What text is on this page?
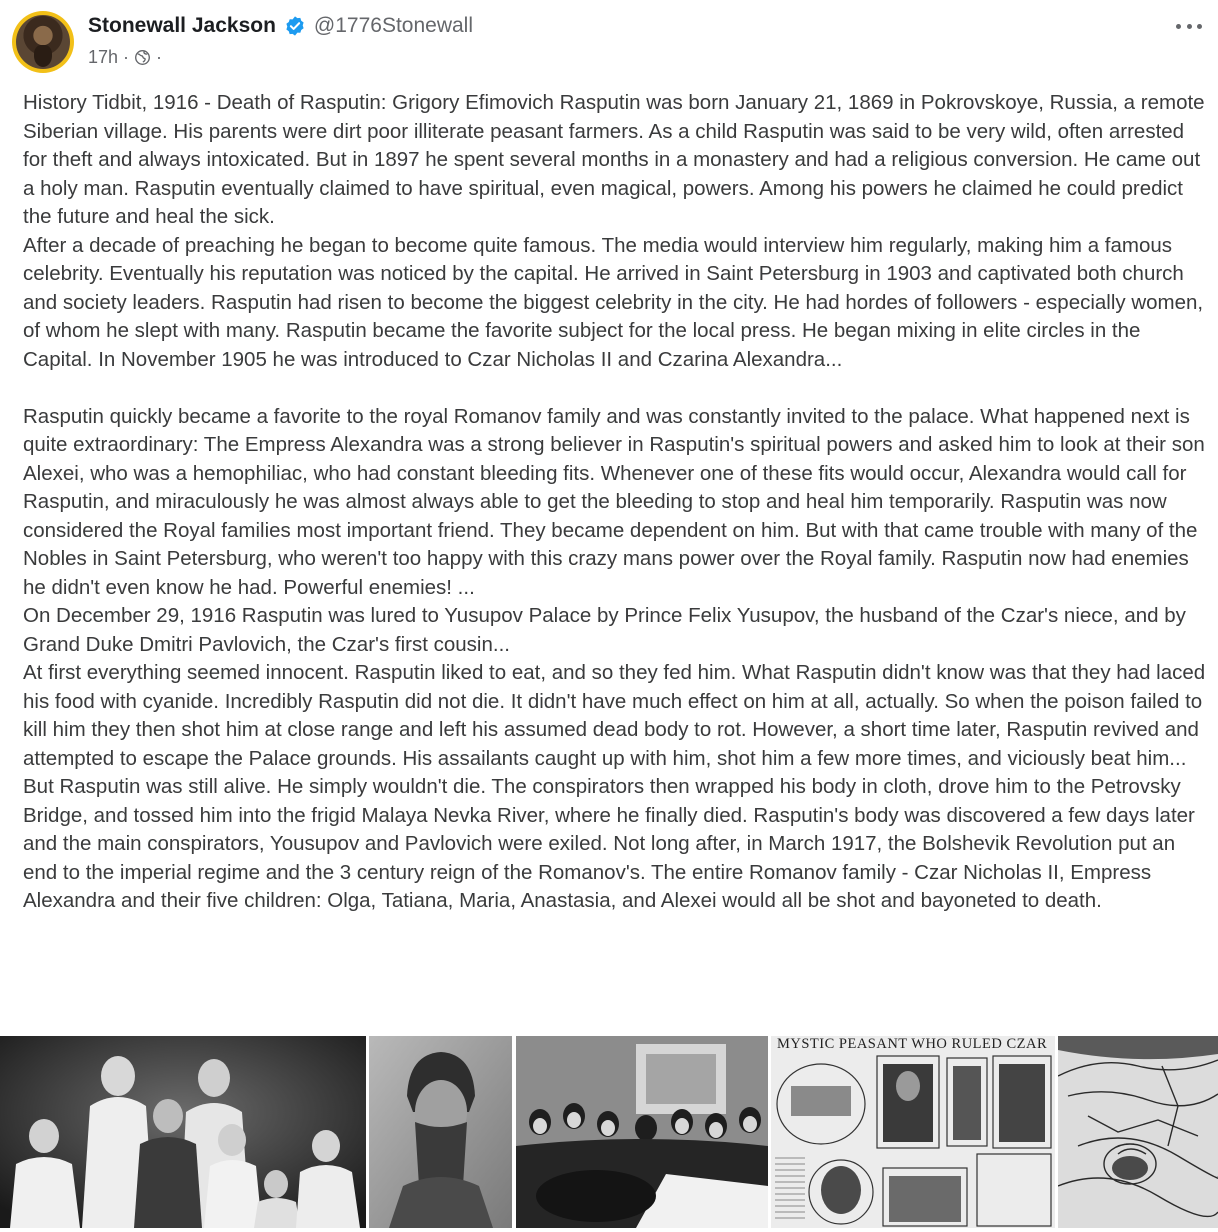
Stonewall Jackson @1776Stonewall
17h · ·

History Tidbit, 1916 - Death of Rasputin: Grigory Efimovich Rasputin was born January 21, 1869 in Pokrovskoye, Russia, a remote Siberian village. His parents were dirt poor illiterate peasant farmers. As a child Rasputin was said to be very wild, often arrested for theft and always intoxicated. But in 1897 he spent several months in a monastery and had a religious conversion. He came out a holy man. Rasputin eventually claimed to have spiritual, even magical, powers. Among his powers he claimed he could predict the future and heal the sick.

After a decade of preaching he began to become quite famous. The media would interview him regularly, making him a famous celebrity. Eventually his reputation was noticed by the capital. He arrived in Saint Petersburg in 1903 and captivated both church and society leaders. Rasputin had risen to become the biggest celebrity in the city. He had hordes of followers - especially women, of whom he slept with many. Rasputin became the favorite subject for the local press. He began mixing in elite circles in the Capital. In November 1905 he was introduced to Czar Nicholas II and Czarina Alexandra...

Rasputin quickly became a favorite to the royal Romanov family and was constantly invited to the palace. What happened next is quite extraordinary: The Empress Alexandra was a strong believer in Rasputin's spiritual powers and asked him to look at their son Alexei, who was a hemophiliac, who had constant bleeding fits. Whenever one of these fits would occur, Alexandra would call for Rasputin, and miraculously he was almost always able to get the bleeding to stop and heal him temporarily. Rasputin was now considered the Royal families most important friend. They became dependent on him. But with that came trouble with many of the Nobles in Saint Petersburg, who weren't too happy with this crazy mans power over the Royal family. Rasputin now had enemies he didn't even know he had. Powerful enemies! ...

On December 29, 1916 Rasputin was lured to Yusupov Palace by Prince Felix Yusupov, the husband of the Czar's niece, and by Grand Duke Dmitri Pavlovich, the Czar's first cousin...

At first everything seemed innocent. Rasputin liked to eat, and so they fed him. What Rasputin didn't know was that they had laced his food with cyanide. Incredibly Rasputin did not die. It didn't have much effect on him at all, actually. So when the poison failed to kill him they then shot him at close range and left his assumed dead body to rot. However, a short time later, Rasputin revived and attempted to escape the Palace grounds. His assailants caught up with him, shot him a few more times, and viciously beat him... But Rasputin was still alive. He simply wouldn't die. The conspirators then wrapped his body in cloth, drove him to the Petrovsky Bridge, and tossed him into the frigid Malaya Nevka River, where he finally died. Rasputin's body was discovered a few days later and the main conspirators, Yousupov and Pavlovich were exiled. Not long after, in March 1917, the Bolshevik Revolution put an end to the imperial regime and the 3 century reign of the Romanov's. The entire Romanov family - Czar Nicholas II, Empress Alexandra and their five children: Olga, Tatiana, Maria, Anastasia, and Alexei would all be shot and bayoneted to death.

MYSTIC PEASANT WHO RULED CZAR
